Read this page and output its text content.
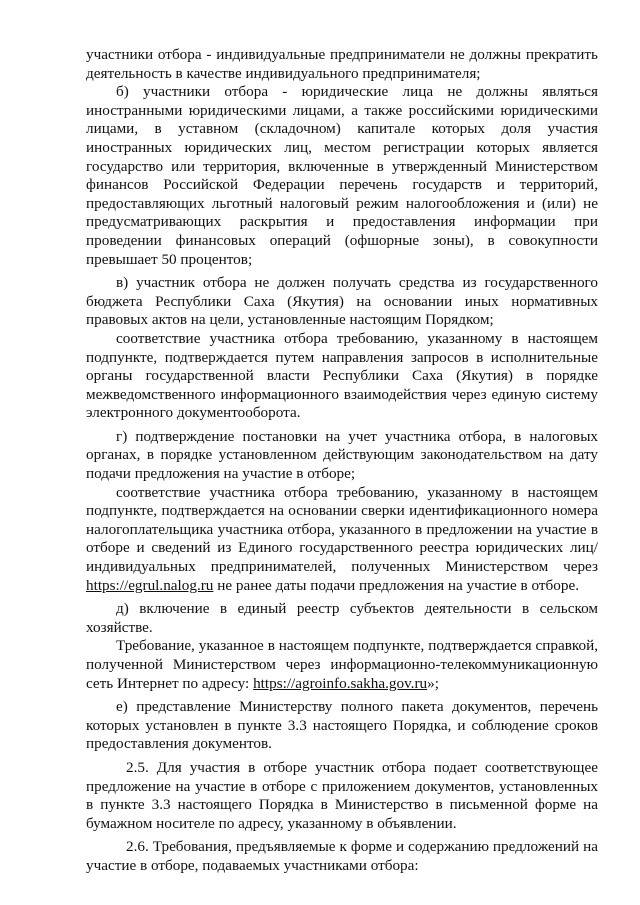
участники отбора - индивидуальные предприниматели не должны прекратить деятельность в качестве индивидуального предпринимателя;

б) участники отбора - юридические лица не должны являться иностранными юридическими лицами, а также российскими юридическими лицами, в уставном (складочном) капитале которых доля участия иностранных юридических лиц, местом регистрации которых является государство или территория, включенные в утвержденный Министерством финансов Российской Федерации перечень государств и территорий, предоставляющих льготный налоговый режим налогообложения и (или) не предусматривающих раскрытия и предоставления информации при проведении финансовых операций (офшорные зоны), в совокупности превышает 50 процентов;

в) участник отбора не должен получать средства из государственного бюджета Республики Саха (Якутия) на основании иных нормативных правовых актов на цели, установленные настоящим Порядком;

соответствие участника отбора требованию, указанному в настоящем подпункте, подтверждается путем направления запросов в исполнительные органы государственной власти Республики Саха (Якутия) в порядке межведомственного информационного взаимодействия через единую систему электронного документооборота.

г) подтверждение постановки на учет участника отбора, в налоговых органах, в порядке установленном действующим законодательством на дату подачи предложения на участие в отборе;

соответствие участника отбора требованию, указанному в настоящем подпункте, подтверждается на основании сверки идентификационного номера налогоплательщика участника отбора, указанного в предложении на участие в отборе и сведений из Единого государственного реестра юридических лиц/индивидуальных предпринимателей, полученных Министерством через https://egrul.nalog.ru не ранее даты подачи предложения на участие в отборе.

д) включение в единый реестр субъектов деятельности в сельском хозяйстве.

Требование, указанное в настоящем подпункте, подтверждается справкой, полученной Министерством через информационно-телекоммуникационную сеть Интернет по адресу: https://agroinfo.sakha.gov.ru»;

е) представление Министерству полного пакета документов, перечень которых установлен в пункте 3.3 настоящего Порядка, и соблюдение сроков предоставления документов.

2.5. Для участия в отборе участник отбора подает соответствующее предложение на участие в отборе с приложением документов, установленных в пункте 3.3 настоящего Порядка в Министерство в письменной форме на бумажном носителе по адресу, указанному в объявлении.

2.6. Требования, предъявляемые к форме и содержанию предложений на участие в отборе, подаваемых участниками отбора:
